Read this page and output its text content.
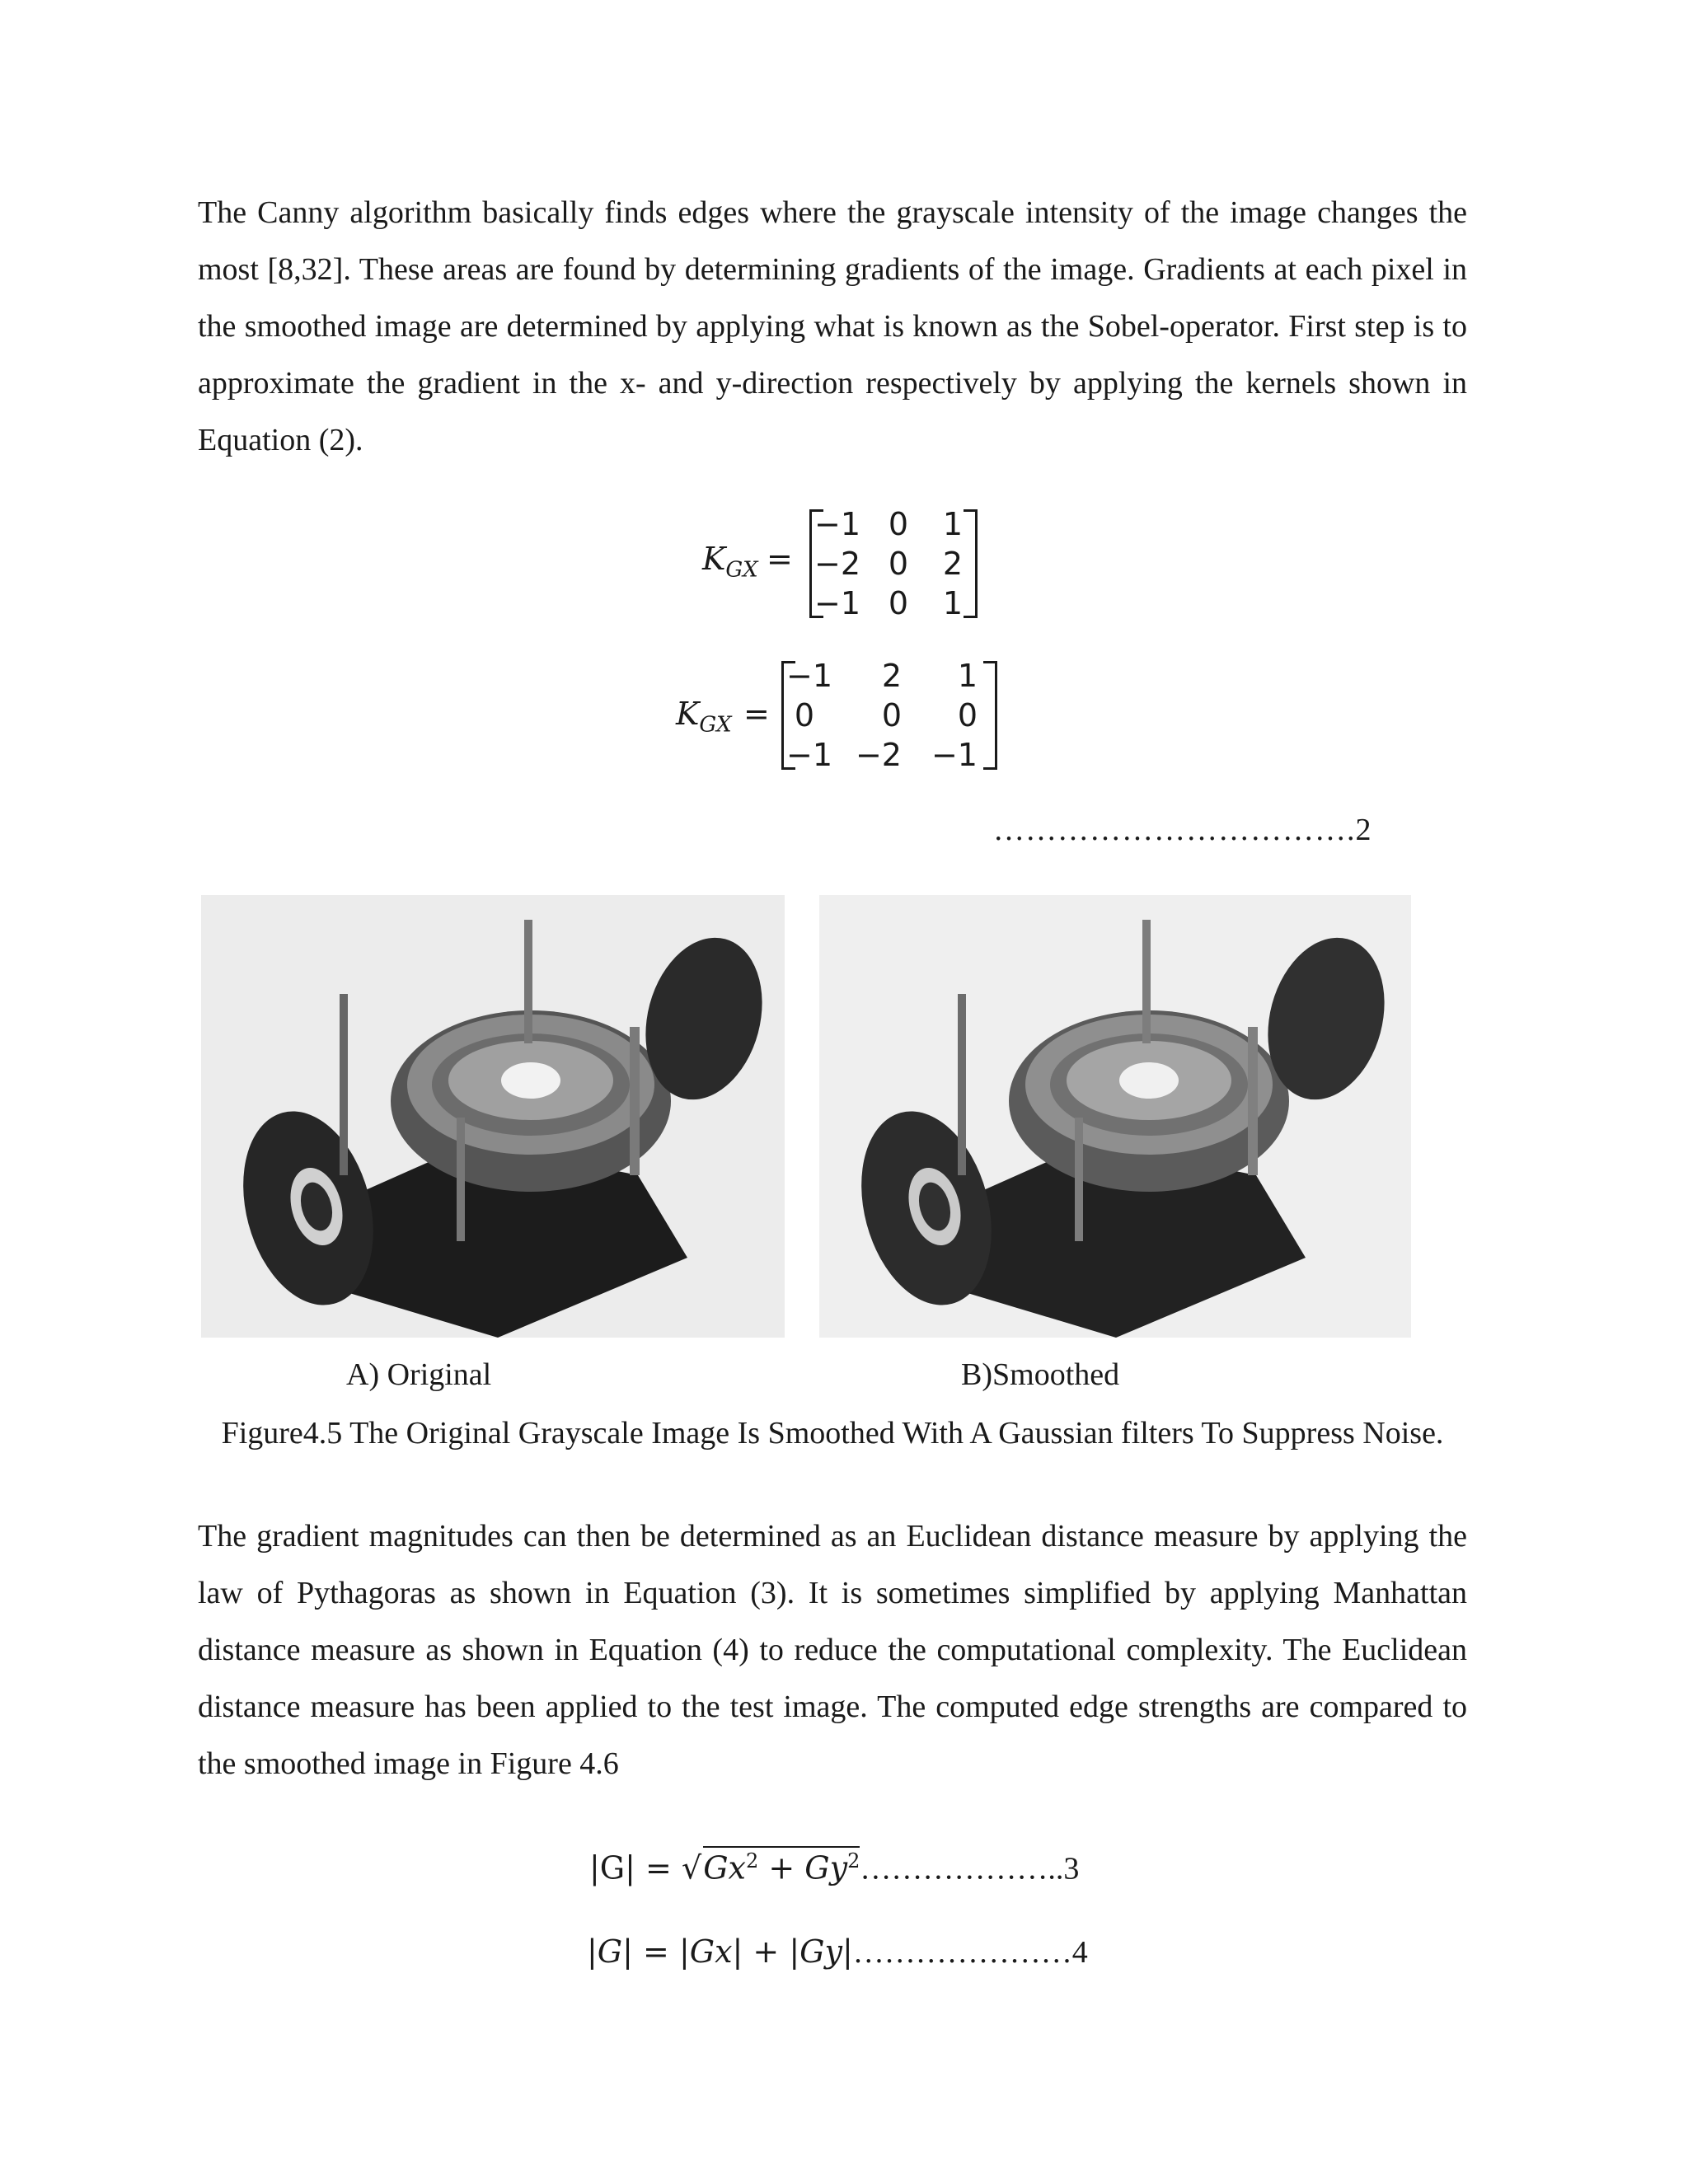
The Canny algorithm basically finds edges where the grayscale intensity of the image changes the most [8,32]. These areas are found by determining gradients of the image. Gradients at each pixel in the smoothed image are determined by applying what is known as the Sobel-operator. First step is to approximate the gradient in the x- and y-direction respectively by applying the kernels shown in Equation (2).

$K_{GX}$ =
−1 0	1
−2 0	2
−1 0	1
$K_{GX}$ =
−1	2	1
0	0	0
−1 −2 −1
…………………………….2
A) Original	B)Smoothed
Figure4.5 The Original Grayscale Image Is Smoothed With A Gaussian filters To Suppress Noise.

The gradient magnitudes can then be determined as an Euclidean distance measure by applying the law of Pythagoras as shown in Equation (3). It is sometimes simplified by applying Manhattan distance measure as shown in Equation (4) to reduce the computational complexity. The Euclidean distance measure has been applied to the test image. The computed edge strengths are compared to the smoothed image in Figure 4.6

$|G| = √Gx^2$ + $Gy^2\dots\dots\dots\dots\dots\dots..3$
|G| = |Gx| + |Gy|…………………4
